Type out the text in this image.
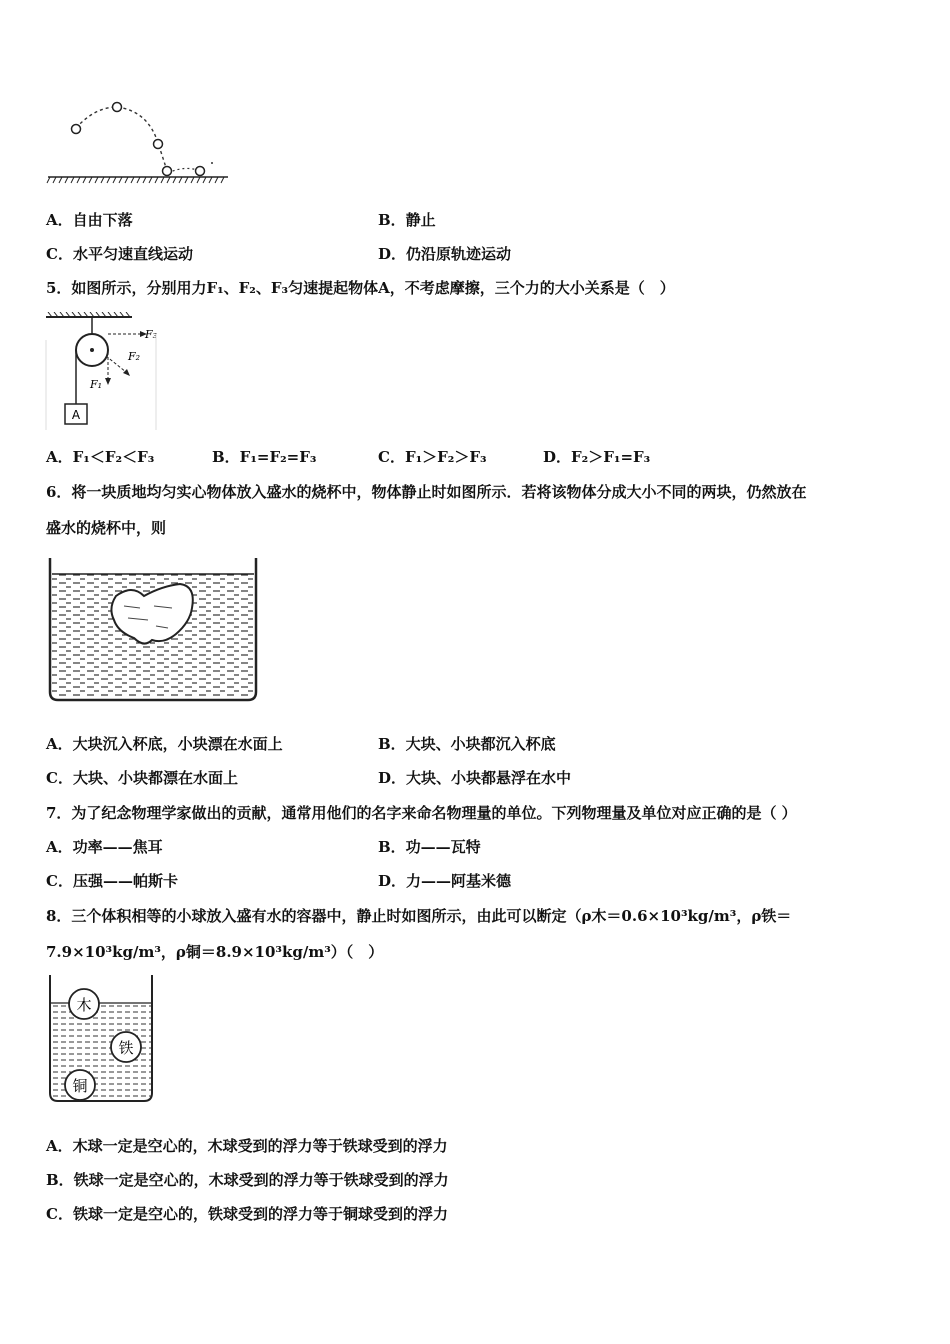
A．自由下落	B．静止
C．水平匀速直线运动	D．仍沿原轨迹运动
5．如图所示，分别用力F₁、F₂、F₃匀速提起物体A，不考虑摩擦，三个力的大小关系是（　）
A
F₃
F₂
F₁
A．F₁＜F₂＜F₃	B．F₁=F₂=F₃	C．F₁＞F₂＞F₃	D．F₂＞F₁=F₃
6．将一块质地均匀实心物体放入盛水的烧杯中，物体静止时如图所示．若将该物体分成大小不同的两块，仍然放在
盛水的烧杯中，则
A．大块沉入杯底，小块漂在水面上	B．大块、小块都沉入杯底
C．大块、小块都漂在水面上	D．大块、小块都悬浮在水中
7．为了纪念物理学家做出的贡献，通常用他们的名字来命名物理量的单位。下列物理量及单位对应正确的是（ ）
A．功率——焦耳	B．功——瓦特
C．压强——帕斯卡	D．力——阿基米德
8．三个体积相等的小球放入盛有水的容器中，静止时如图所示，由此可以断定（ρ木＝0.6×10³kg/m³，ρ铁＝
7.9×10³kg/m³，ρ铜＝8.9×10³kg/m³）（　）
木
铁
铜
A．木球一定是空心的，木球受到的浮力等于铁球受到的浮力
B．铁球一定是空心的，木球受到的浮力等于铁球受到的浮力
C．铁球一定是空心的，铁球受到的浮力等于铜球受到的浮力
